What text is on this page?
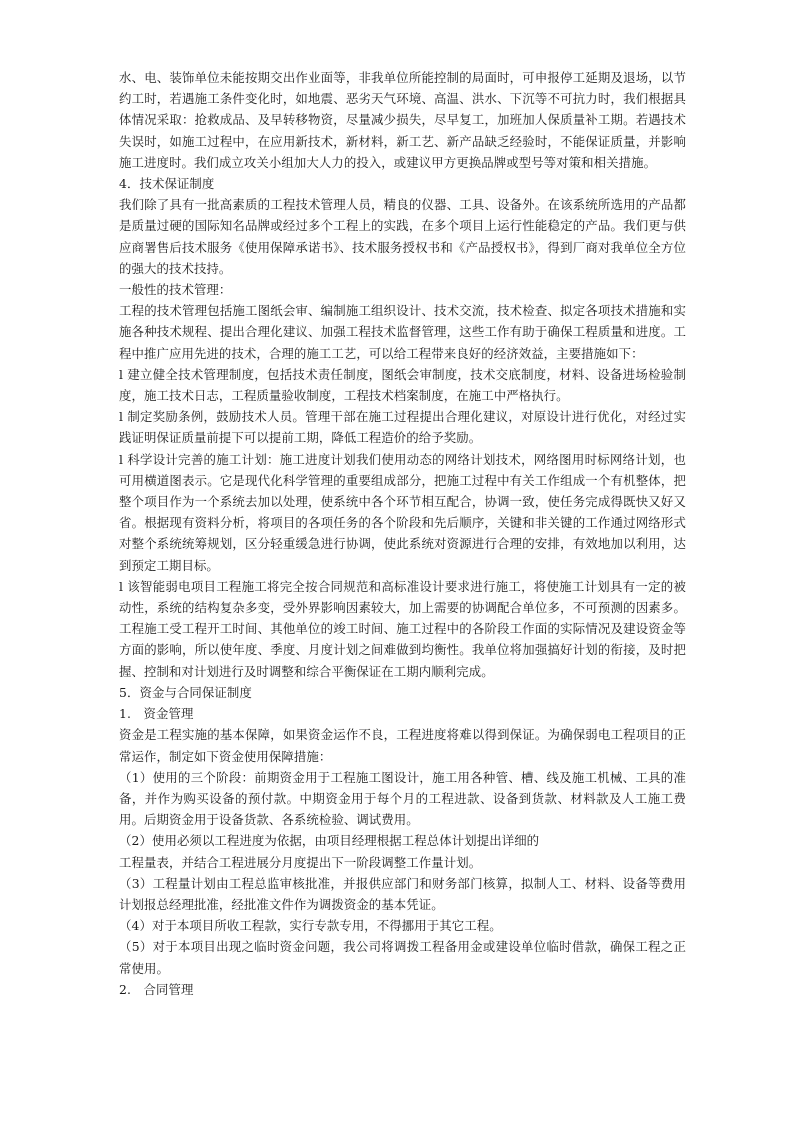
水、电、装饰单位未能按期交出作业面等，非我单位所能控制的局面时，可申报停工延期及退场，以节约工时，若遇施工条件变化时，如地震、恶劣天气环境、高温、洪水、下沉等不可抗力时，我们根据具体情况采取：抢救成品、及早转移物资，尽量减少损失，尽早复工，加班加人保质量补工期。若遇技术失误时，如施工过程中，在应用新技术，新材料，新工艺、新产品缺乏经验时，不能保证质量，并影响施工进度时。我们成立攻关小组加大人力的投入，或建议甲方更换品牌或型号等对策和相关措施。

4．技术保证制度

我们除了具有一批高素质的工程技术管理人员，精良的仪器、工具、设备外。在该系统所选用的产品都是质量过硬的国际知名品牌或经过多个工程上的实践，在多个项目上运行性能稳定的产品。我们更与供应商署售后技术服务《使用保障承诺书》、技术服务授权书和《产品授权书》，得到厂商对我单位全方位的强大的技术技持。

一般性的技术管理：

工程的技术管理包括施工图纸会审、编制施工组织设计、技术交流，技术检查、拟定各项技术措施和实施各种技术规程、提出合理化建议、加强工程技术监督管理，这些工作有助于确保工程质量和进度。工程中推广应用先进的技术，合理的施工工艺，可以给工程带来良好的经济效益，主要措施如下：

l 建立健全技术管理制度，包括技术责任制度，图纸会审制度，技术交底制度，材料、设备进场检验制度，施工技术日志，工程质量验收制度，工程技术档案制度，在施工中严格执行。

l 制定奖励条例，鼓励技术人员。管理干部在施工过程提出合理化建议，对原设计进行优化，对经过实践证明保证质量前提下可以提前工期，降低工程造价的给予奖励。

l 科学设计完善的施工计划：施工进度计划我们使用动态的网络计划技术，网络图用时标网络计划，也可用横道图表示。它是现代化科学管理的重要组成部分，把施工过程中有关工作组成一个有机整体，把整个项目作为一个系统去加以处理，使系统中各个环节相互配合，协调一致，使任务完成得既快又好又省。根据现有资料分析，将项目的各项任务的各个阶段和先后顺序，关键和非关键的工作通过网络形式对整个系统统筹规划，区分轻重缓急进行协调，使此系统对资源进行合理的安排，有效地加以利用，达到预定工期目标。

l 该智能弱电项目工程施工将完全按合同规范和高标准设计要求进行施工，将使施工计划具有一定的被动性，系统的结构复杂多变，受外界影响因素较大，加上需要的协调配合单位多，不可预测的因素多。工程施工受工程开工时间、其他单位的竣工时间、施工过程中的各阶段工作面的实际情况及建设资金等方面的影响，所以使年度、季度、月度计划之间难做到均衡性。我单位将加强搞好计划的衔接，及时把握、控制和对计划进行及时调整和综合平衡保证在工期内顺利完成。

5．资金与合同保证制度

1.　资金管理

资金是工程实施的基本保障，如果资金运作不良，工程进度将难以得到保证。为确保弱电工程项目的正常运作，制定如下资金使用保障措施：

（1）使用的三个阶段：前期资金用于工程施工图设计，施工用各种管、槽、线及施工机械、工具的准备，并作为购买设备的预付款。中期资金用于每个月的工程进款、设备到货款、材料款及人工施工费用。后期资金用于设备货款、各系统检验、调试费用。

（2）使用必须以工程进度为依据，由项目经理根据工程总体计划提出详细的

工程量表，并结合工程进展分月度提出下一阶段调整工作量计划。

（3）工程量计划由工程总监审核批准，并报供应部门和财务部门核算，拟制人工、材料、设备等费用计划报总经理批准，经批准文件作为调拨资金的基本凭证。

（4）对于本项目所收工程款，实行专款专用，不得挪用于其它工程。

（5）对于本项目出现之临时资金问题，我公司将调拨工程备用金或建设单位临时借款，确保工程之正常使用。

2.　合同管理
